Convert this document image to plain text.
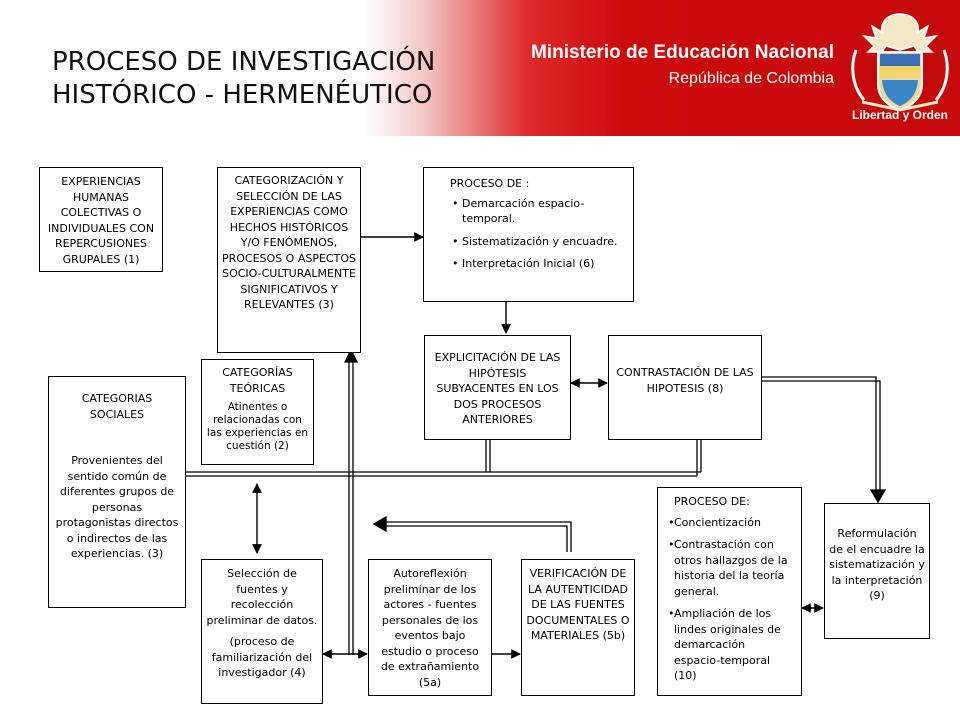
PROCESO DE INVESTIGACIÓN
HISTÓRICO - HERMENÉUTICO
Ministerio de Educación Nacional
República de Colombia
Libertad y Orden

EXPERIENCIAS HUMANAS COLECTIVAS O INDIVIDUALES CON REPERCUSIONES GRUPALES (1)

CATEGORIZACIÓN Y SELECCIÓN DE LAS EXPERIENCIAS COMO HECHOS HISTÓRICOS Y/O FENÓMENOS, PROCESOS O ASPECTOS SOCIO-CULTURALMENTE SIGNIFICATIVOS Y RELEVANTES (3)

PROCESO DE :

• Demarcación espacio-temporal.
• Sistematización y encuadre.
• Interpretación Inicial (6)

CATEGORÍAS TEÓRICAS

Atinentes o relacionadas con las experiencias en cuestión (2)

CATEGORIAS SOCIALES

Provenientes del sentido común de diferentes grupos de personas protagonistas directos o indirectos de las experiencias. (3)

EXPLICITACIÓN DE LAS HIPÓTESIS SUBYACENTES EN LOS DOS PROCESOS ANTERIORES

CONTRASTACIÓN DE LAS HIPOTESIS (8)

PROCESO DE:

• Concientización
• Contrastación con otros hallazgos de la historia del la teoría general.
• Ampliación de los lindes originales de demarcación espacio-temporal (10)

Reformulación de el encuadre la sistematización y la interpretación (9)

Selección de fuentes y recolección preliminar de datos.

(proceso de familiarización del investigador (4)

Autoreflexión preliminar de los actores - fuentes personales de los eventos bajo estudio o proceso de extrañamiento (5a)

VERIFICACIÓN DE LA AUTENTICIDAD DE LAS FUENTES DOCUMENTALES O MATERIALES (5b)
